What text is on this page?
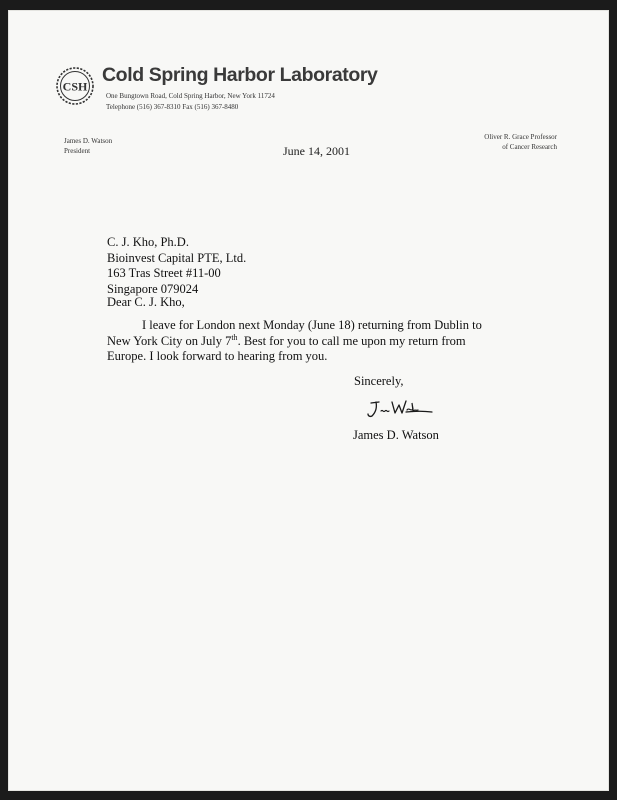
CSH
Cold Spring Harbor Laboratory
One Bungtown Road, Cold Spring Harbor, New York 11724
Telephone (516) 367-8310 Fax (516) 367-8480
James D. Watson
President	June 14, 2001
Oliver R. Grace Professor
of Cancer Research
C. J. Kho, Ph.D.
Bioinvest Capital PTE, Ltd.
163 Tras Street #11-00
Singapore 079024
Dear C. J. Kho,
I leave for London next Monday (June 18) returning from Dublin to New York City on July 7th. Best for you to call me upon my return from Europe. I look forward to hearing from you.
Sincerely,
James D. Watson
